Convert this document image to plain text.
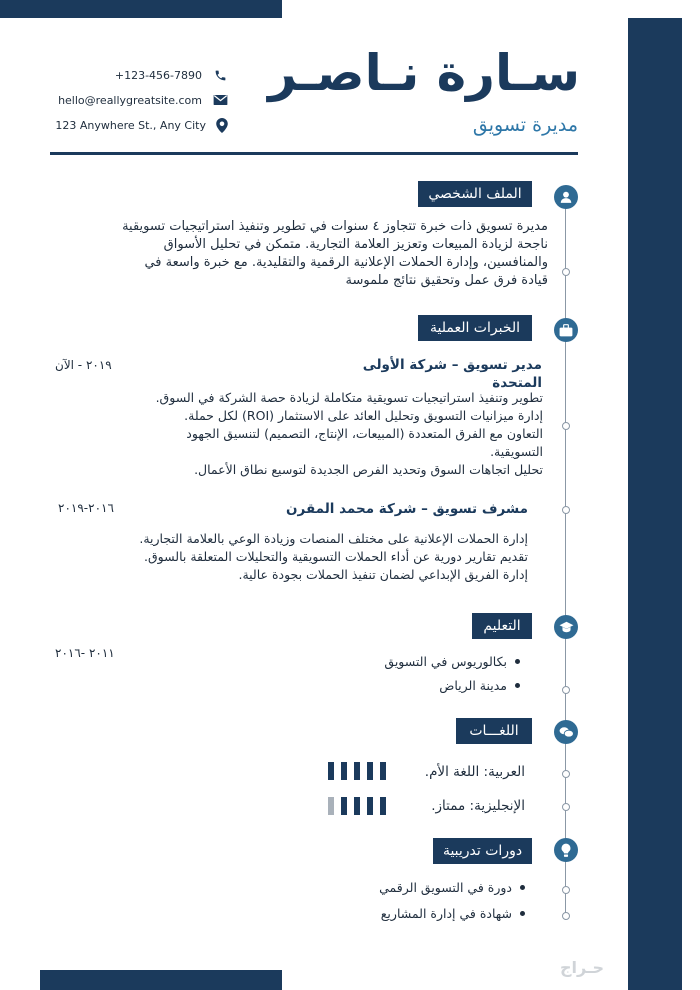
سـارة نـاصـر
مديرة تسويق
+123-456-7890
hello@reallygreatsite.com
123 Anywhere St., Any City
الملف الشخصي
مديرة تسويق ذات خبرة تتجاوز ٤ سنوات في تطوير وتنفيذ استراتيجيات تسويقية
ناجحة لزيادة المبيعات وتعزيز العلامة التجارية. متمكن في تحليل الأسواق
والمنافسين، وإدارة الحملات الإعلانية الرقمية والتقليدية. مع خبرة واسعة في
قيادة فرق عمل وتحقيق نتائج ملموسة
الخبرات العملية
مدير تسويق – شركة الأولى
المتحدة
٢٠١٩ - الآن
تطوير وتنفيذ استراتيجيات تسويقية متكاملة لزيادة حصة الشركة في السوق.
إدارة ميزانيات التسويق وتحليل العائد على الاستثمار (ROI) لكل حملة.
التعاون مع الفرق المتعددة (المبيعات، الإنتاج، التصميم) لتنسيق الجهود
التسويقية.
تحليل اتجاهات السوق وتحديد الفرص الجديدة لتوسيع نطاق الأعمال.
مشرف تسويق – شركة محمد المقرن
٢٠١٦-٢٠١٩
إدارة الحملات الإعلانية على مختلف المنصات وزيادة الوعي بالعلامة التجارية.
تقديم تقارير دورية عن أداء الحملات التسويقية والتحليلات المتعلقة بالسوق.
إدارة الفريق الإبداعي لضمان تنفيذ الحملات بجودة عالية.
التعليم
٢٠١١ -٢٠١٦
بكالوريوس في التسويق
مدينة الرياض
اللغـــات
العربية: اللغة الأم.
الإنجليزية: ممتاز.
دورات تدريبية
دورة في التسويق الرقمي
شهادة في إدارة المشاريع
حـراج
